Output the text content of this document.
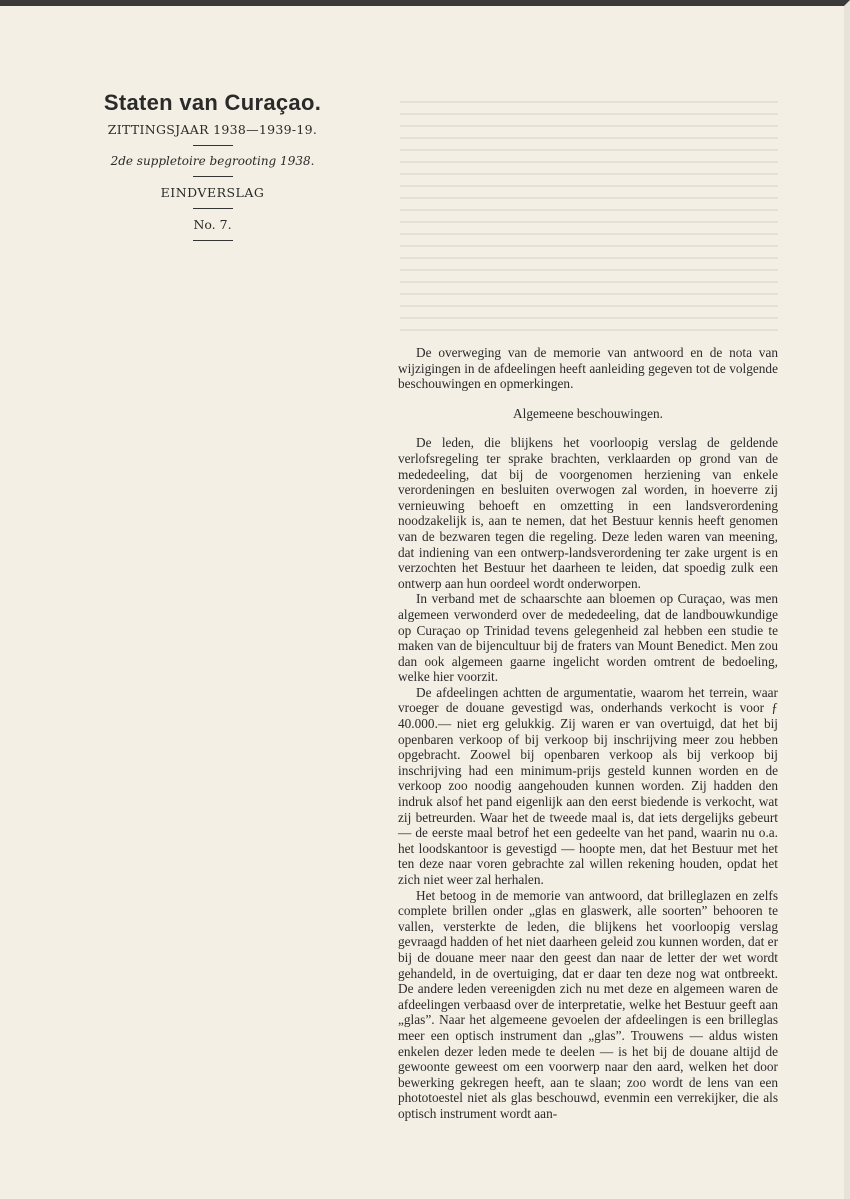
Staten van Curaçao.
ZITTINGSJAAR 1938—1939-19.
2de suppletoire begrooting 1938.
EINDVERSLAG
No. 7.

De overweging van de memorie van antwoord en de nota van wijzigingen in de afdeelingen heeft aanleiding gegeven tot de volgende beschouwingen en opmerkingen.

Algemeene beschouwingen.

De leden, die blijkens het voorloopig verslag de geldende verlofsregeling ter sprake brachten, verklaarden op grond van de mededeeling, dat bij de voorgenomen herziening van enkele verordeningen en besluiten overwogen zal worden, in hoeverre zij vernieuwing behoeft en omzetting in een landsverordening noodzakelijk is, aan te nemen, dat het Bestuur kennis heeft genomen van de bezwaren tegen die regeling. Deze leden waren van meening, dat indiening van een ontwerp-landsverordening ter zake urgent is en verzochten het Bestuur het daarheen te leiden, dat spoedig zulk een ontwerp aan hun oordeel wordt onderworpen.

In verband met de schaarschte aan bloemen op Curaçao, was men algemeen verwonderd over de mededeeling, dat de landbouwkundige op Curaçao op Trinidad tevens gelegenheid zal hebben een studie te maken van de bijencultuur bij de fraters van Mount Benedict. Men zou dan ook algemeen gaarne ingelicht worden omtrent de bedoeling, welke hier voorzit.

De afdeelingen achtten de argumentatie, waarom het terrein, waar vroeger de douane gevestigd was, onderhands verkocht is voor ƒ 40.000.— niet erg gelukkig. Zij waren er van overtuigd, dat het bij openbaren verkoop of bij verkoop bij inschrijving meer zou hebben opgebracht. Zoowel bij openbaren verkoop als bij verkoop bij inschrijving had een minimum-prijs gesteld kunnen worden en de verkoop zoo noodig aangehouden kunnen worden. Zij hadden den indruk alsof het pand eigenlijk aan den eerst biedende is verkocht, wat zij betreurden. Waar het de tweede maal is, dat iets dergelijks gebeurt — de eerste maal betrof het een gedeelte van het pand, waarin nu o.a. het loodskantoor is gevestigd — hoopte men, dat het Bestuur met het ten deze naar voren gebrachte zal willen rekening houden, opdat het zich niet weer zal herhalen.

Het betoog in de memorie van antwoord, dat brilleglazen en zelfs complete brillen onder „glas en glaswerk, alle soorten” behooren te vallen, versterkte de leden, die blijkens het voorloopig verslag gevraagd hadden of het niet daarheen geleid zou kunnen worden, dat er bij de douane meer naar den geest dan naar de letter der wet wordt gehandeld, in de overtuiging, dat er daar ten deze nog wat ontbreekt. De andere leden vereenigden zich nu met deze en algemeen waren de afdeelingen verbaasd over de interpretatie, welke het Bestuur geeft aan „glas”. Naar het algemeene gevoelen der afdeelingen is een brilleglas meer een optisch instrument dan „glas”. Trouwens — aldus wisten enkelen dezer leden mede te deelen — is het bij de douane altijd de gewoonte geweest om een voorwerp naar den aard, welken het door bewerking gekregen heeft, aan te slaan; zoo wordt de lens van een phototoestel niet als glas beschouwd, evenmin een verrekijker, die als optisch instrument wordt aan-
